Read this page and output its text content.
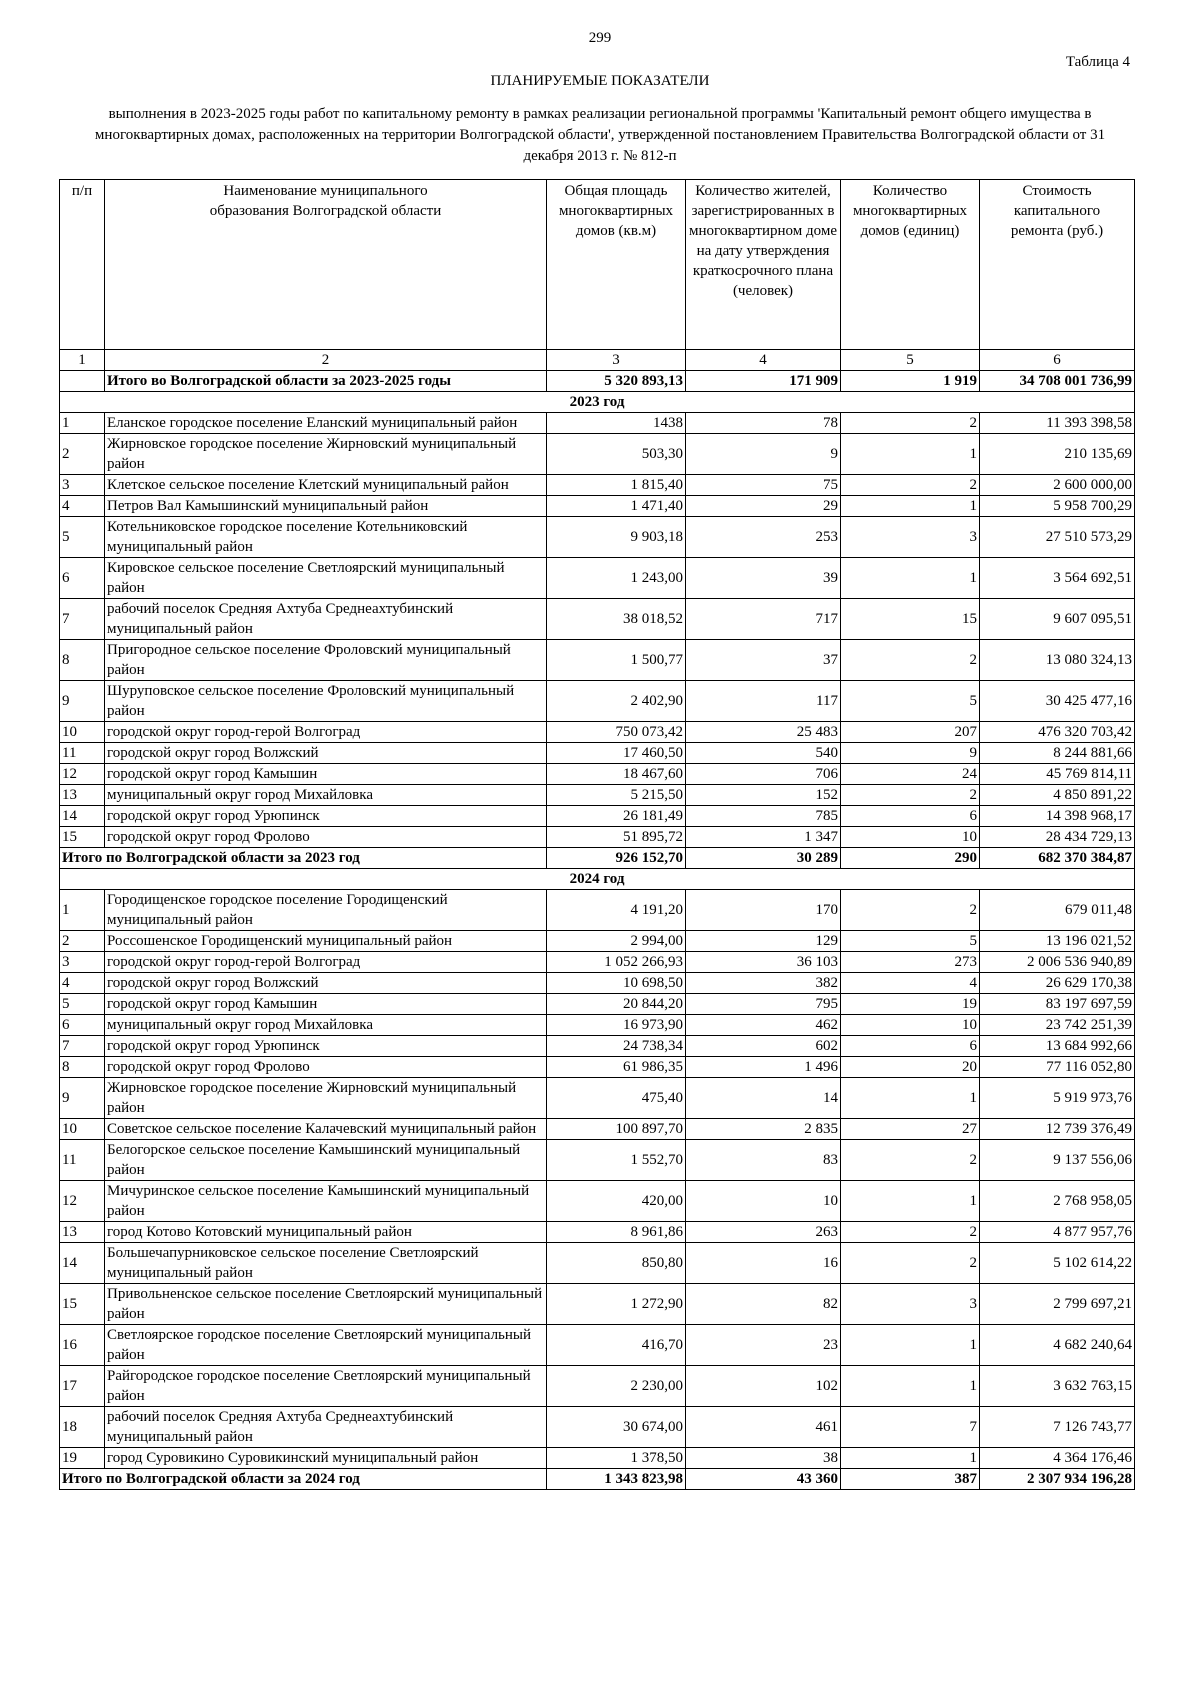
299
Таблица 4
ПЛАНИРУЕМЫЕ ПОКАЗАТЕЛИ
выполнения в 2023-2025 годы работ по капитальному ремонту в рамках реализации региональной программы 'Капитальный ремонт общего имущества в многоквартирных домах, расположенных на территории Волгоградской области', утвержденной постановлением Правительства Волгоградской области от 31 декабря 2013 г. № 812-п
п/п	Наименование муниципального образования Волгоградской области	Общая площадь многоквартирных домов (кв.м)	Количество жителей, зарегистрированных в многоквартирном доме на дату утверждения краткосрочного плана (человек)	Количество многоквартирных домов (единиц)	Стоимость капитального ремонта (руб.)
1	2	3	4	5	6
	Итого во Волгоградской области за 2023-2025 годы	5 320 893,13	171 909	1 919	34 708 001 736,99
2023 год					
1	Еланское городское поселение Еланский муниципальный район	1438	78	2	11 393 398,58
2	Жирновское городское поселение Жирновский муниципальный район	503,30	9	1	210 135,69
3	Клетское сельское поселение Клетский муниципальный район	1 815,40	75	2	2 600 000,00
4	Петров Вал Камышинский муниципальный район	1 471,40	29	1	5 958 700,29
5	Котельниковское городское поселение Котельниковский муниципальный район	9 903,18	253	3	27 510 573,29
6	Кировское сельское поселение Светлоярский муниципальный район	1 243,00	39	1	3 564 692,51
7	рабочий поселок Средняя Ахтуба Среднеахтубинский муниципальный район	38 018,52	717	15	9 607 095,51
8	Пригородное сельское поселение Фроловский муниципальный район	1 500,77	37	2	13 080 324,13
9	Шуруповское сельское поселение Фроловский муниципальный район	2 402,90	117	5	30 425 477,16
10	городской округ город-герой Волгоград	750 073,42	25 483	207	476 320 703,42
11	городской округ город Волжский	17 460,50	540	9	8 244 881,66
12	городской округ город Камышин	18 467,60	706	24	45 769 814,11
13	муниципальный округ город Михайловка	5 215,50	152	2	4 850 891,22
14	городской округ город Урюпинск	26 181,49	785	6	14 398 968,17
15	городской округ город Фролово	51 895,72	1 347	10	28 434 729,13
Итого по Волгоградской области за 2023 год		926 152,70	30 289	290	682 370 384,87
2024 год					
1	Городищенское городское поселение Городищенский муниципальный район	4 191,20	170	2	679 011,48
2	Россошенское Городищенский муниципальный район	2 994,00	129	5	13 196 021,52
3	городской округ город-герой Волгоград	1 052 266,93	36 103	273	2 006 536 940,89
4	городской округ город Волжский	10 698,50	382	4	26 629 170,38
5	городской округ город Камышин	20 844,20	795	19	83 197 697,59
6	муниципальный округ город Михайловка	16 973,90	462	10	23 742 251,39
7	городской округ город Урюпинск	24 738,34	602	6	13 684 992,66
8	городской округ город Фролово	61 986,35	1 496	20	77 116 052,80
9	Жирновское городское поселение Жирновский муниципальный район	475,40	14	1	5 919 973,76
10	Советское сельское поселение Калачевский муниципальный район	100 897,70	2 835	27	12 739 376,49
11	Белогорское сельское поселение Камышинский муниципальный район	1 552,70	83	2	9 137 556,06
12	Мичуринское сельское поселение Камышинский муниципальный район	420,00	10	1	2 768 958,05
13	город Котово Котовский муниципальный район	8 961,86	263	2	4 877 957,76
14	Большечапурниковское сельское поселение Светлоярский муниципальный район	850,80	16	2	5 102 614,22
15	Привольненское сельское поселение Светлоярский муниципальный район	1 272,90	82	3	2 799 697,21
16	Светлоярское городское поселение Светлоярский муниципальный район	416,70	23	1	4 682 240,64
17	Райгородское городское поселение Светлоярский муниципальный район	2 230,00	102	1	3 632 763,15
18	рабочий поселок Средняя Ахтуба Среднеахтубинский муниципальный район	30 674,00	461	7	7 126 743,77
19	город Суровикино Суровикинский муниципальный район	1 378,50	38	1	4 364 176,46
Итого по Волгоградской области за 2024 год		1 343 823,98	43 360	387	2 307 934 196,28
